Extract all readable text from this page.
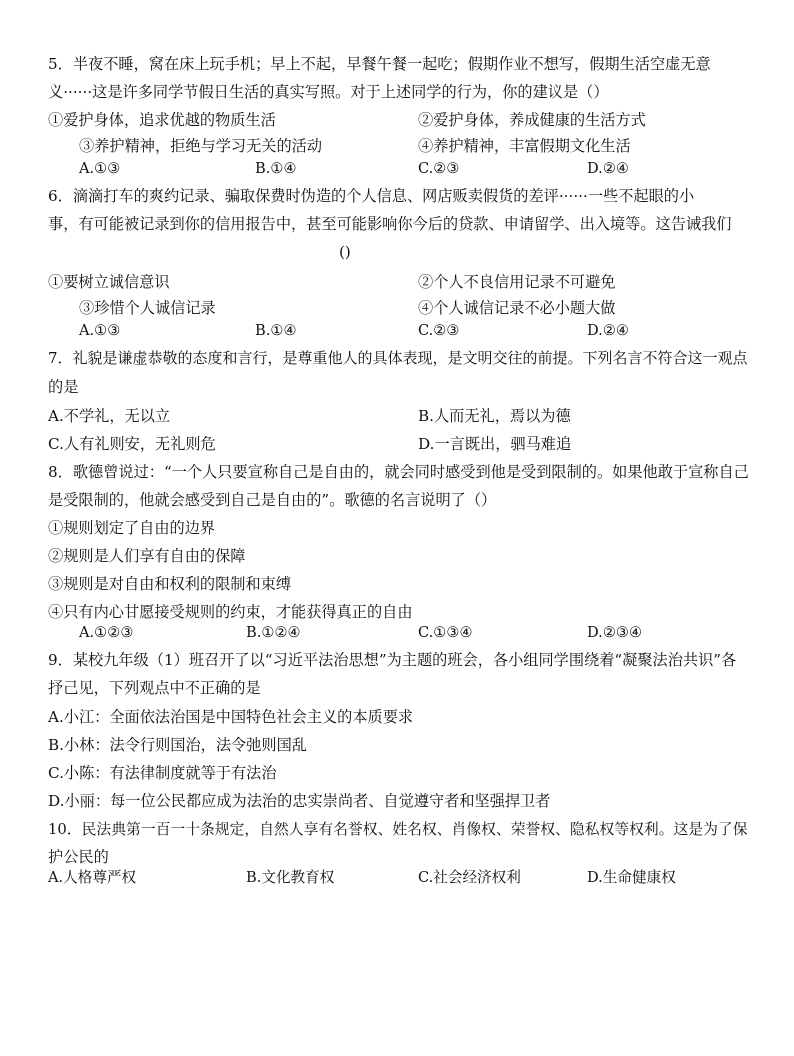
5．半夜不睡，窝在床上玩手机；早上不起，早餐午餐一起吃；假期作业不想写，假期生活空虚无意
义······这是许多同学节假日生活的真实写照。对于上述同学的行为，你的建议是（）
①爱护身体，追求优越的物质生活	②爱护身体，养成健康的生活方式
③养护精神，拒绝与学习无关的活动	④养护精神，丰富假期文化生活
A.①③	B.①④	C.②③	D.②④
6．滴滴打车的爽约记录、骗取保费时伪造的个人信息、网店贩卖假货的差评······一些不起眼的小
事，有可能被记录到你的信用报告中，甚至可能影响你今后的贷款、申请留学、出入境等。这告诫我们
()
①要树立诚信意识	②个人不良信用记录不可避免
③珍惜个人诚信记录	④个人诚信记录不必小题大做
A.①③	B.①④	C.②③	D.②④
7．礼貌是谦虚恭敬的态度和言行，是尊重他人的具体表现，是文明交往的前提。下列名言不符合这一观点
的是
A.不学礼，无以立	B.人而无礼，焉以为德
C.人有礼则安，无礼则危	D.一言既出，驷马难追
8．歌德曾说过：“一个人只要宣称自己是自由的，就会同时感受到他是受到限制的。如果他敢于宣称自己
是受限制的，他就会感受到自己是自由的”。歌德的名言说明了（）
①规则划定了自由的边界
②规则是人们享有自由的保障
③规则是对自由和权利的限制和束缚
④只有内心甘愿接受规则的约束，才能获得真正的自由
A.①②③	B.①②④	C.①③④	D.②③④
9．某校九年级（1）班召开了以“习近平法治思想”为主题的班会，各小组同学围绕着“凝聚法治共识”各
抒己见，下列观点中不正确的是
A.小江：全面依法治国是中国特色社会主义的本质要求
B.小林：法令行则国治，法令弛则国乱
C.小陈：有法律制度就等于有法治
D.小丽：每一位公民都应成为法治的忠实崇尚者、自觉遵守者和坚强捍卫者
10．民法典第一百一十条规定，自然人享有名誉权、姓名权、肖像权、荣誉权、隐私权等权利。这是为了保
护公民的
A.人格尊严权	B.文化教育权	C.社会经济权利	D.生命健康权
